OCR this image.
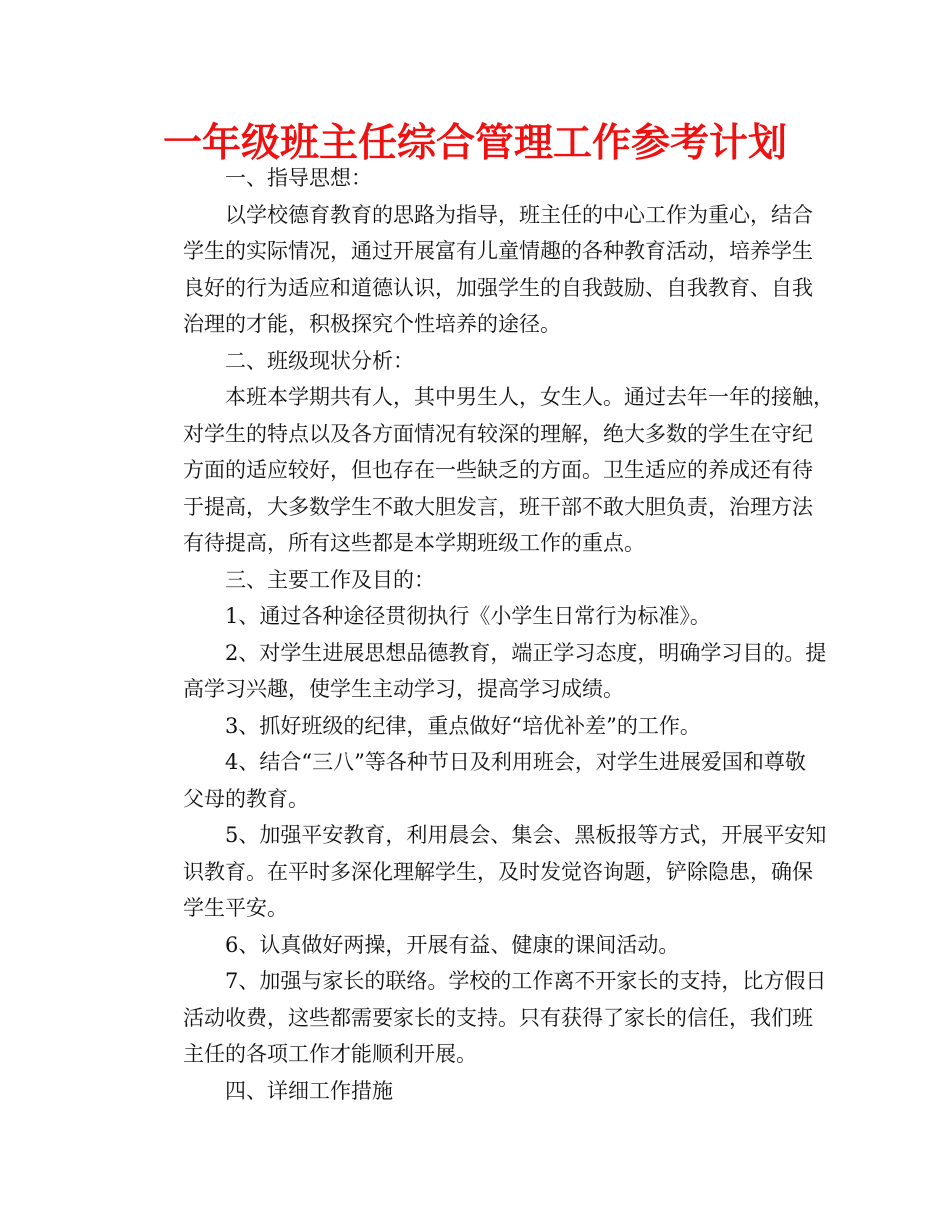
一年级班主任综合管理工作参考计划
一、指导思想：
以学校德育教育的思路为指导，班主任的中心工作为重心，结合
学生的实际情况，通过开展富有儿童情趣的各种教育活动，培养学生
良好的行为适应和道德认识，加强学生的自我鼓励、自我教育、自我
治理的才能，积极探究个性培养的途径。
二、班级现状分析：
本班本学期共有人，其中男生人，女生人。通过去年一年的接触，
对学生的特点以及各方面情况有较深的理解，绝大多数的学生在守纪
方面的适应较好，但也存在一些缺乏的方面。卫生适应的养成还有待
于提高，大多数学生不敢大胆发言，班干部不敢大胆负责，治理方法
有待提高，所有这些都是本学期班级工作的重点。
三、主要工作及目的：
1、通过各种途径贯彻执行《小学生日常行为标准》。
2、对学生进展思想品德教育，端正学习态度，明确学习目的。提
高学习兴趣，使学生主动学习，提高学习成绩。
3、抓好班级的纪律，重点做好“培优补差”的工作。
4、结合“三八”等各种节日及利用班会，对学生进展爱国和尊敬
父母的教育。
5、加强平安教育，利用晨会、集会、黑板报等方式，开展平安知
识教育。在平时多深化理解学生，及时发觉咨询题，铲除隐患，确保
学生平安。
6、认真做好两操，开展有益、健康的课间活动。
7、加强与家长的联络。学校的工作离不开家长的支持，比方假日
活动收费，这些都需要家长的支持。只有获得了家长的信任，我们班
主任的各项工作才能顺利开展。
四、详细工作措施
